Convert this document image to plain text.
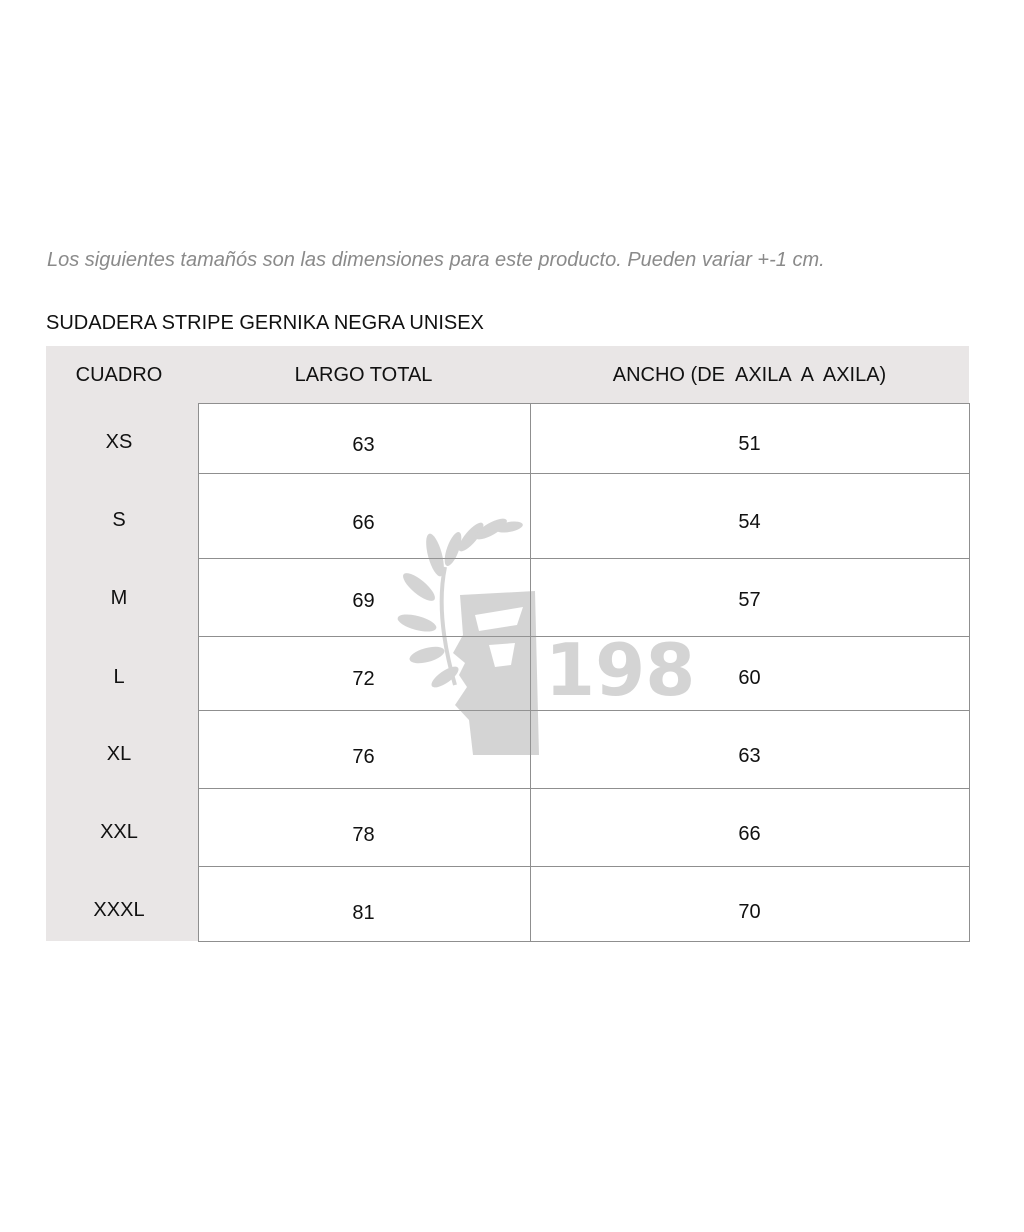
Los siguientes tamañós son las dimensiones para este producto. Pueden variar +-1 cm.

SUDADERA STRIPE GERNIKA NEGRA UNISEX

CUADRO	LARGO TOTAL	ANCHO (DE  AXILA  A  AXILA)
XS	63	51
S	66	54
M	69	57
L	72	60
XL	76	63
XXL	78	66
XXXL	81	70
198
